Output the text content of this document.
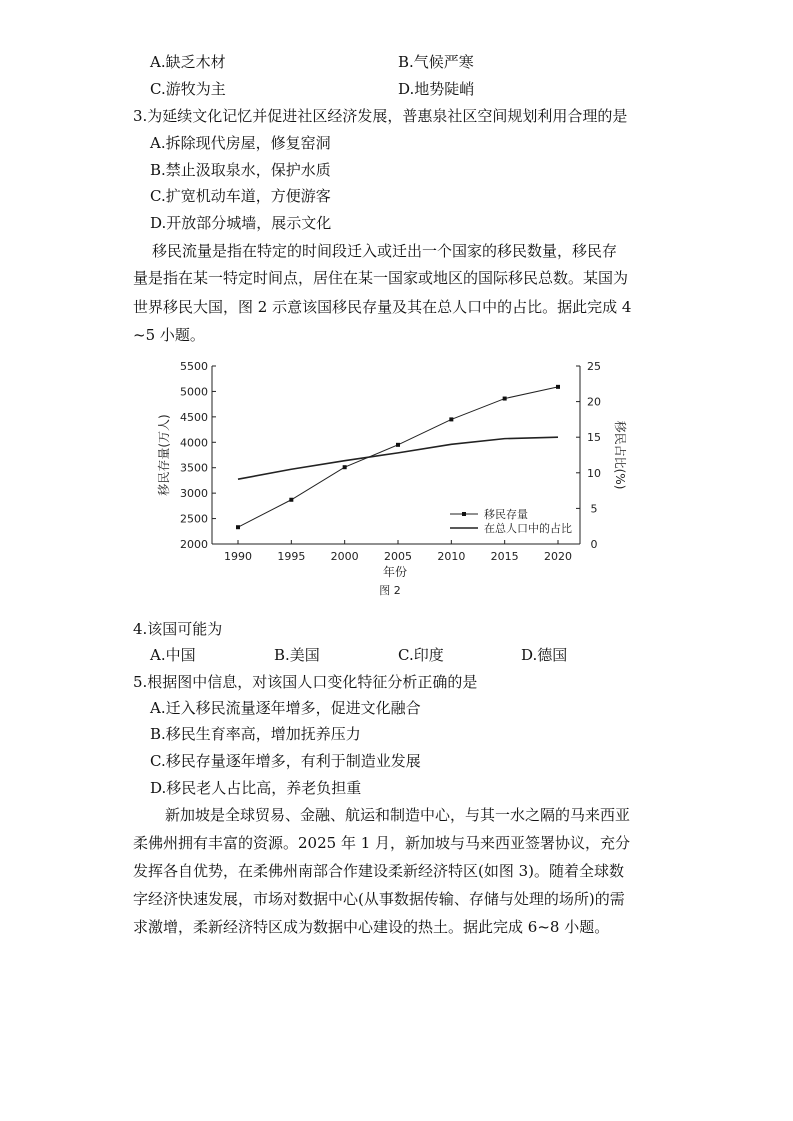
A.缺乏木材	B.气候严寒
C.游牧为主	D.地势陡峭
3.为延续文化记忆并促进社区经济发展，普惠泉社区空间规划利用合理的是
A.拆除现代房屋，修复窑洞
B.禁止汲取泉水，保护水质
C.扩宽机动车道，方便游客
D.开放部分城墙，展示文化
移民流量是指在特定的时间段迁入或迁出一个国家的移民数量，移民存
量是指在某一特定时间点，居住在某一国家或地区的国际移民总数。某国为
世界移民大国，图 2 示意该国移民存量及其在总人口中的占比。据此完成 4
~5 小题。
2000
2500
3000
3500
4000
4500
5000
5500
0
5
10
15
20
25
1990 1995 2000 2005 2010 2015 2020
年份
移民存量(万人)	移民占比(%)
图 2
移民存量
在总人口中的占比
4.该国可能为
A.中国	B.美国	C.印度	D.德国
5.根据图中信息，对该国人口变化特征分析正确的是
A.迁入移民流量逐年增多，促进文化融合
B.移民生育率高，增加抚养压力
C.移民存量逐年增多，有利于制造业发展
D.移民老人占比高，养老负担重
新加坡是全球贸易、金融、航运和制造中心，与其一水之隔的马来西亚
柔佛州拥有丰富的资源。2025 年 1 月，新加坡与马来西亚签署协议，充分
发挥各自优势，在柔佛州南部合作建设柔新经济特区(如图 3)。随着全球数
字经济快速发展，市场对数据中心(从事数据传输、存储与处理的场所)的需
求激增，柔新经济特区成为数据中心建设的热土。据此完成 6~8 小题。
